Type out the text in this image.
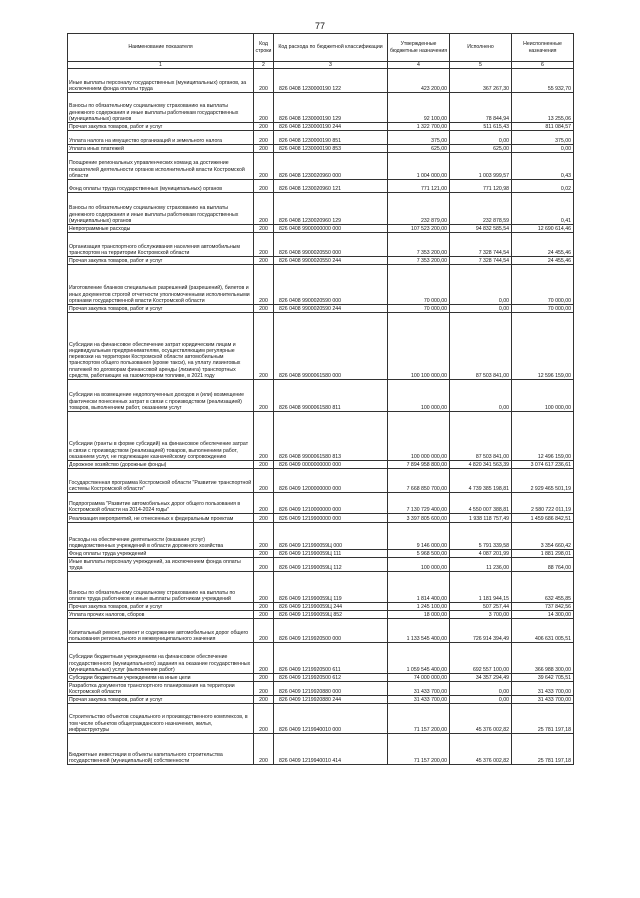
77
Наименование показателя	Код строки	Код расхода по бюджетной классификации	Утвержденные бюджетные назначения	Исполнено	Неисполненные назначения
1	2	3	4	5	6
Иные выплаты персоналу государственных (муниципальных) органов, за исключением фонда оплаты труда	200	826 0408 1230000190 122	423 200,00	367 267,30	55 932,70
Взносы по обязательному социальному страхованию на выплаты денежного содержания и иные выплаты работникам государственных (муниципальных) органов	200	826 0408 1230000190 129	92 100,00	78 844,94	13 255,06
Прочая закупка товаров, работ и услуг	200	826 0408 1230000190 244	1 322 700,00	511 615,43	811 084,57
Уплата налога на имущество организаций и земельного налога	200	826 0408 1230000190 851	375,00	0,00	375,00
Уплата иных платежей	200	826 0408 1230000190 853	625,00	625,00	0,00
Поощрение региональных управленческих команд за достижение показателей деятельности органов исполнительной власти Костромской области	200	826 0408 1230020960 000	1 004 000,00	1 003 999,57	0,43
Фонд оплаты труда государственных (муниципальных) органов	200	826 0408 1230020960 121	771 121,00	771 120,98	0,02
Взносы по обязательному социальному страхованию на выплаты денежного содержания и иные выплаты работникам государственных (муниципальных) органов	200	826 0408 1230020960 129	232 879,00	232 878,59	0,41
Непрограммные расходы	200	826 0408 9900000000 000	107 523 200,00	94 832 585,54	12 690 614,46
Организация транспортного обслуживания населения автомобильным транспортом на территории Костромской области	200	826 0408 9900020550 000	7 353 200,00	7 328 744,54	24 455,46
Прочая закупка товаров, работ и услуг	200	826 0408 9900020550 244	7 353 200,00	7 328 744,54	24 455,46
Изготовление бланков специальных разрешений (разрешений), билетов и иных документов строгой отчетности уполномоченными исполнительными органами государственной власти Костромской области	200	826 0408 9900020590 000	70 000,00	0,00	70 000,00
Прочая закупка товаров, работ и услуг	200	826 0408 9900020590 244	70 000,00	0,00	70 000,00
Субсидии на финансовое обеспечение затрат юридическим лицам и индивидуальным предпринимателям, осуществляющим регулярные перевозки на территории Костромской области автомобильным транспортом общего пользования (кроме такси), на уплату лизинговых платежей по договорам финансовой аренды (лизинга) транспортных средств, работающих на газомоторном топливе, в 2021 году	200	826 0408 9900061580 000	100 100 000,00	87 503 841,00	12 596 159,00
Субсидии на возмещение недополученных доходов и (или) возмещение фактически понесенных затрат в связи с производством (реализацией) товаров, выполнением работ, оказанием услуг	200	826 0408 9900061580 811	100 000,00	0,00	100 000,00
Субсидии (гранты в форме субсидий) на финансовое обеспечение затрат в связи с производством (реализацией) товаров, выполнением работ, оказанием услуг, не подлежащие казначейскому сопровождению	200	826 0408 9900061580 813	100 000 000,00	87 503 841,00	12 496 159,00
Дорожное хозяйство (дорожные фонды)	200	826 0409 0000000000 000	7 894 958 800,00	4 820 341 563,39	3 074 617 236,61
Государственная программа Костромской области "Развитие транспортной системы Костромской области"	200	826 0409 1200000000 000	7 668 850 700,00	4 739 385 198,81	2 929 465 501,19
Подпрограмма "Развитие автомобильных дорог общего пользования в Костромской области на 2014-2024 годы"	200	826 0409 1210000000 000	7 130 729 400,00	4 550 007 388,81	2 580 722 011,19
Реализация мероприятий, не отнесенных к федеральным проектам	200	826 0409 1219900000 000	3 397 805 600,00	1 938 118 757,49	1 459 686 842,51
Расходы на обеспечение деятельности (оказание услуг) подведомственных учреждений в области дорожного хозяйства	200	826 0409 121990059Ц 000	9 146 000,00	5 791 339,58	3 354 660,42
Фонд оплаты труда учреждений	200	826 0409 121990059Ц 111	5 968 500,00	4 087 201,99	1 881 298,01
Иные выплаты персоналу учреждений, за исключением фонда оплаты труда	200	826 0409 121990059Ц 112	100 000,00	11 236,00	88 764,00
Взносы по обязательному социальному страхованию на выплаты по оплате труда работников и иные выплаты работникам учреждений	200	826 0409 121990059Ц 119	1 814 400,00	1 181 944,15	632 455,85
Прочая закупка товаров, работ и услуг	200	826 0409 121990059Ц 244	1 245 100,00	507 257,44	737 842,56
Уплата прочих налогов, сборов	200	826 0409 121990059Ц 852	18 000,00	3 700,00	14 300,00
Капитальный ремонт, ремонт и содержание автомобильных дорог общего пользования регионального и межмуниципального значения	200	826 0409 1219920500 000	1 133 545 400,00	726 914 394,49	406 631 005,51
Субсидии бюджетным учреждениям на финансовое обеспечение государственного (муниципального) задания на оказание государственных (муниципальных) услуг (выполнение работ)	200	826 0409 1219920500 611	1 059 545 400,00	692 557 100,00	366 988 300,00
Субсидии бюджетным учреждениям на иные цели	200	826 0409 1219920500 612	74 000 000,00	34 357 294,49	39 642 705,51
Разработка документов транспортного планирования на территории Костромской области	200	826 0409 1219920880 000	31 433 700,00	0,00	31 433 700,00
Прочая закупка товаров, работ и услуг	200	826 0409 1219920880 244	31 433 700,00	0,00	31 433 700,00
Строительство объектов социального и производственного комплексов, в том числе объектов общегражданского назначения, жилья, инфраструктуры	200	826 0409 1219940010 000	71 157 200,00	45 376 002,82	25 781 197,18
Бюджетные инвестиции в объекты капитального строительства государственной (муниципальной) собственности	200	826 0409 1219940010 414	71 157 200,00	45 376 002,82	25 781 197,18
